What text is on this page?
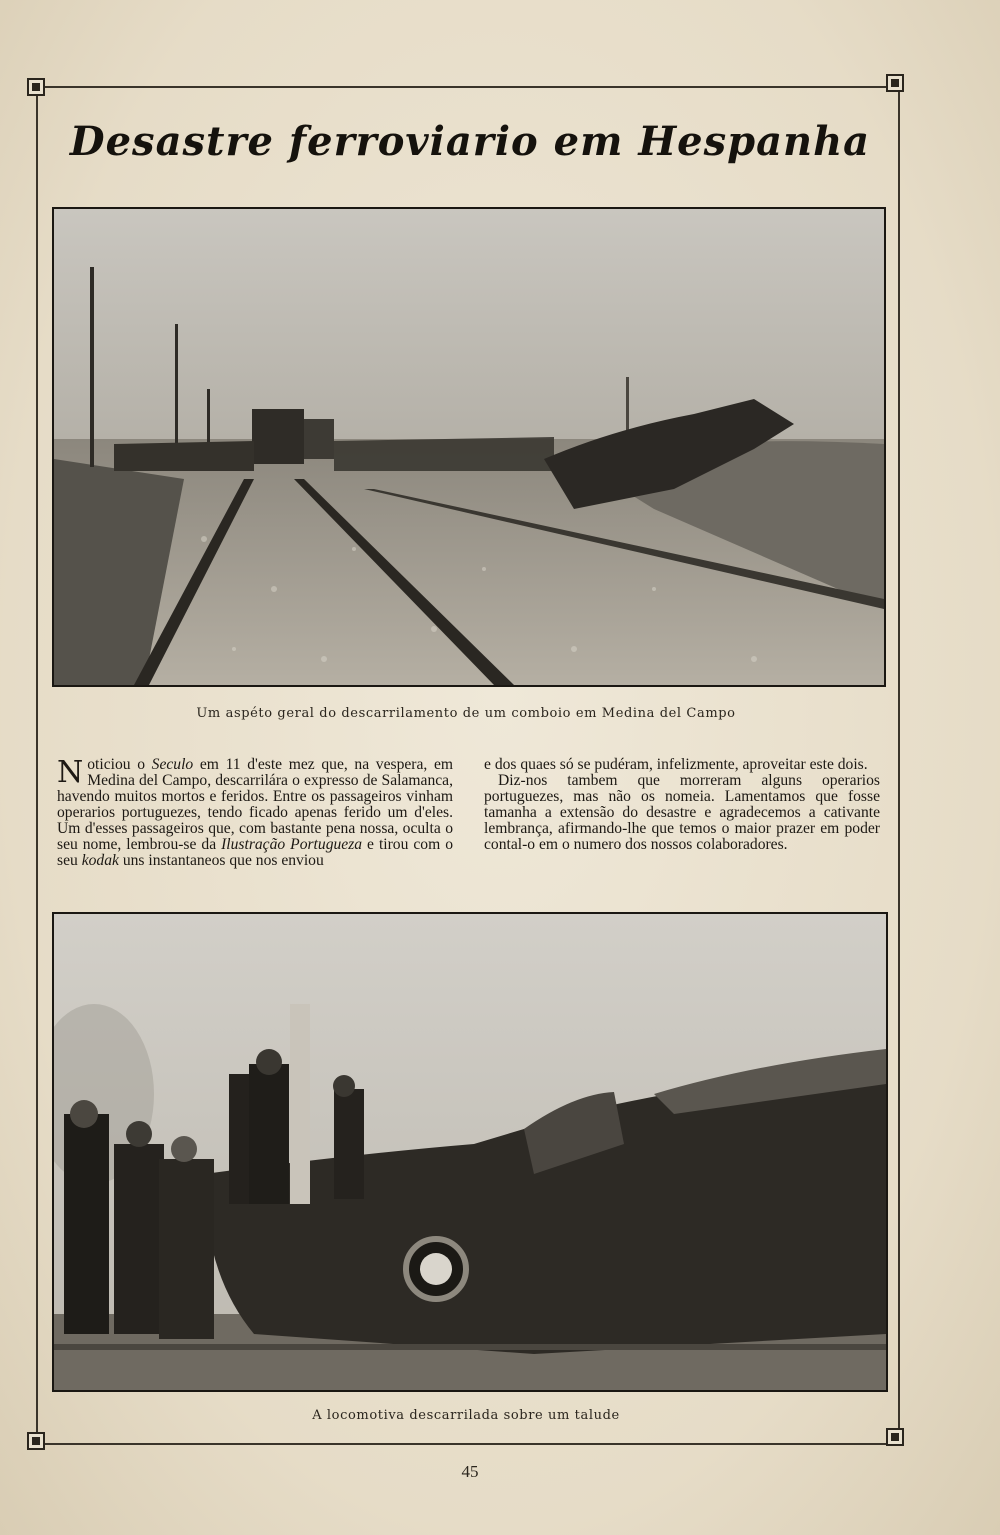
Desastre ferroviario em Hespanha
Um aspéto geral do descarrilamento de um comboio em Medina del Campo

Noticiou o Seculo em 11 d'este mez que, na vespera, em Medina del Campo, descarrilára o expresso de Salamanca, havendo muitos mortos e feridos. Entre os passageiros vinham operarios portuguezes, tendo ficado apenas ferido um d'eles. Um d'esses passageiros que, com bastante pena nossa, oculta o seu nome, lembrou-se da Ilustração Portugueza e tirou com o seu kodak uns instantaneos que nos enviou

e dos quaes só se pudéram, infelizmente, aproveitar este dois.

Diz-nos tambem que morreram alguns operarios portuguezes, mas não os nomeia. Lamentamos que fosse tamanha a extensão do desastre e agradecemos a cativante lembrança, afirmando-lhe que temos o maior prazer em poder contal-o em o numero dos nossos colaboradores.

A locomotiva descarrilada sobre um talude
45
